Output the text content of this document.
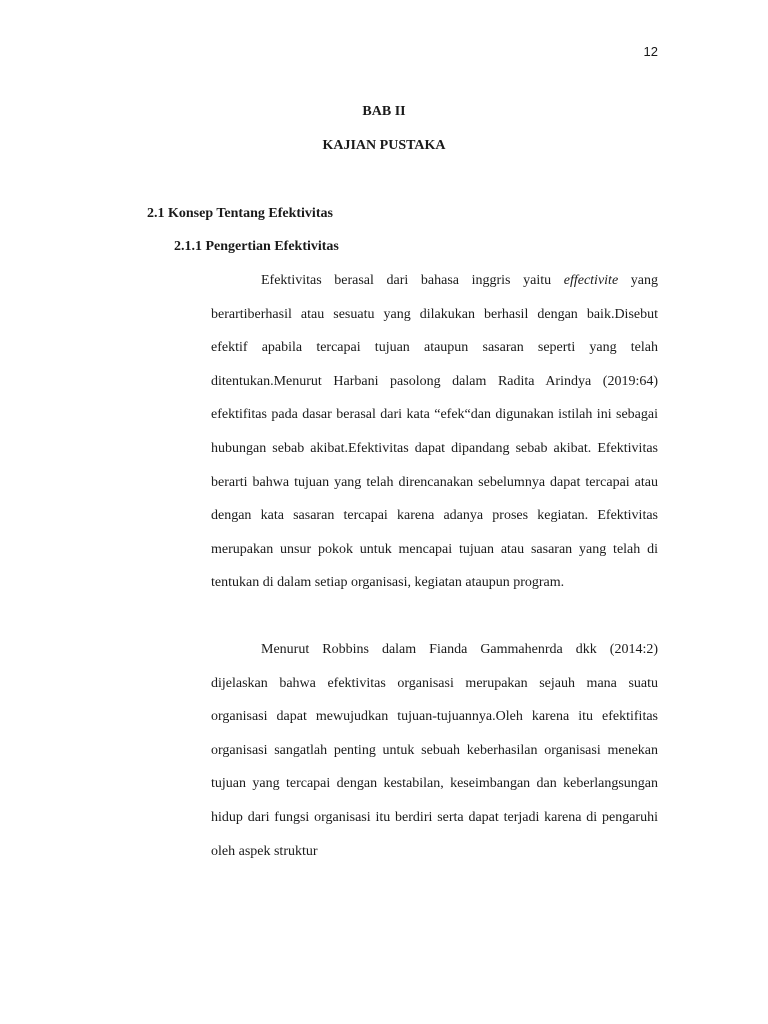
12
BAB II
KAJIAN PUSTAKA
2.1 Konsep Tentang Efektivitas
2.1.1 Pengertian Efektivitas

Efektivitas berasal dari bahasa inggris yaitu effectivite yang berartiberhasil atau sesuatu yang dilakukan berhasil dengan baik.Disebut efektif apabila tercapai tujuan ataupun sasaran seperti yang telah ditentukan.Menurut Harbani pasolong dalam Radita Arindya (2019:64) efektifitas pada dasar berasal dari kata “efek“dan digunakan istilah ini sebagai hubungan sebab akibat.Efektivitas dapat dipandang sebab akibat. Efektivitas berarti bahwa tujuan yang telah direncanakan sebelumnya dapat tercapai atau dengan kata sasaran tercapai karena adanya proses kegiatan. Efektivitas merupakan unsur pokok untuk mencapai tujuan atau sasaran yang telah di tentukan di dalam setiap organisasi, kegiatan ataupun program.

Menurut Robbins dalam Fianda Gammahenrda dkk (2014:2) dijelaskan bahwa efektivitas organisasi merupakan sejauh mana suatu organisasi dapat mewujudkan tujuan-tujuannya.Oleh karena itu efektifitas organisasi sangatlah penting untuk sebuah keberhasilan organisasi menekan tujuan yang tercapai dengan kestabilan, keseimbangan dan keberlangsungan hidup dari fungsi organisasi itu berdiri serta dapat terjadi karena di pengaruhi oleh aspek struktur
